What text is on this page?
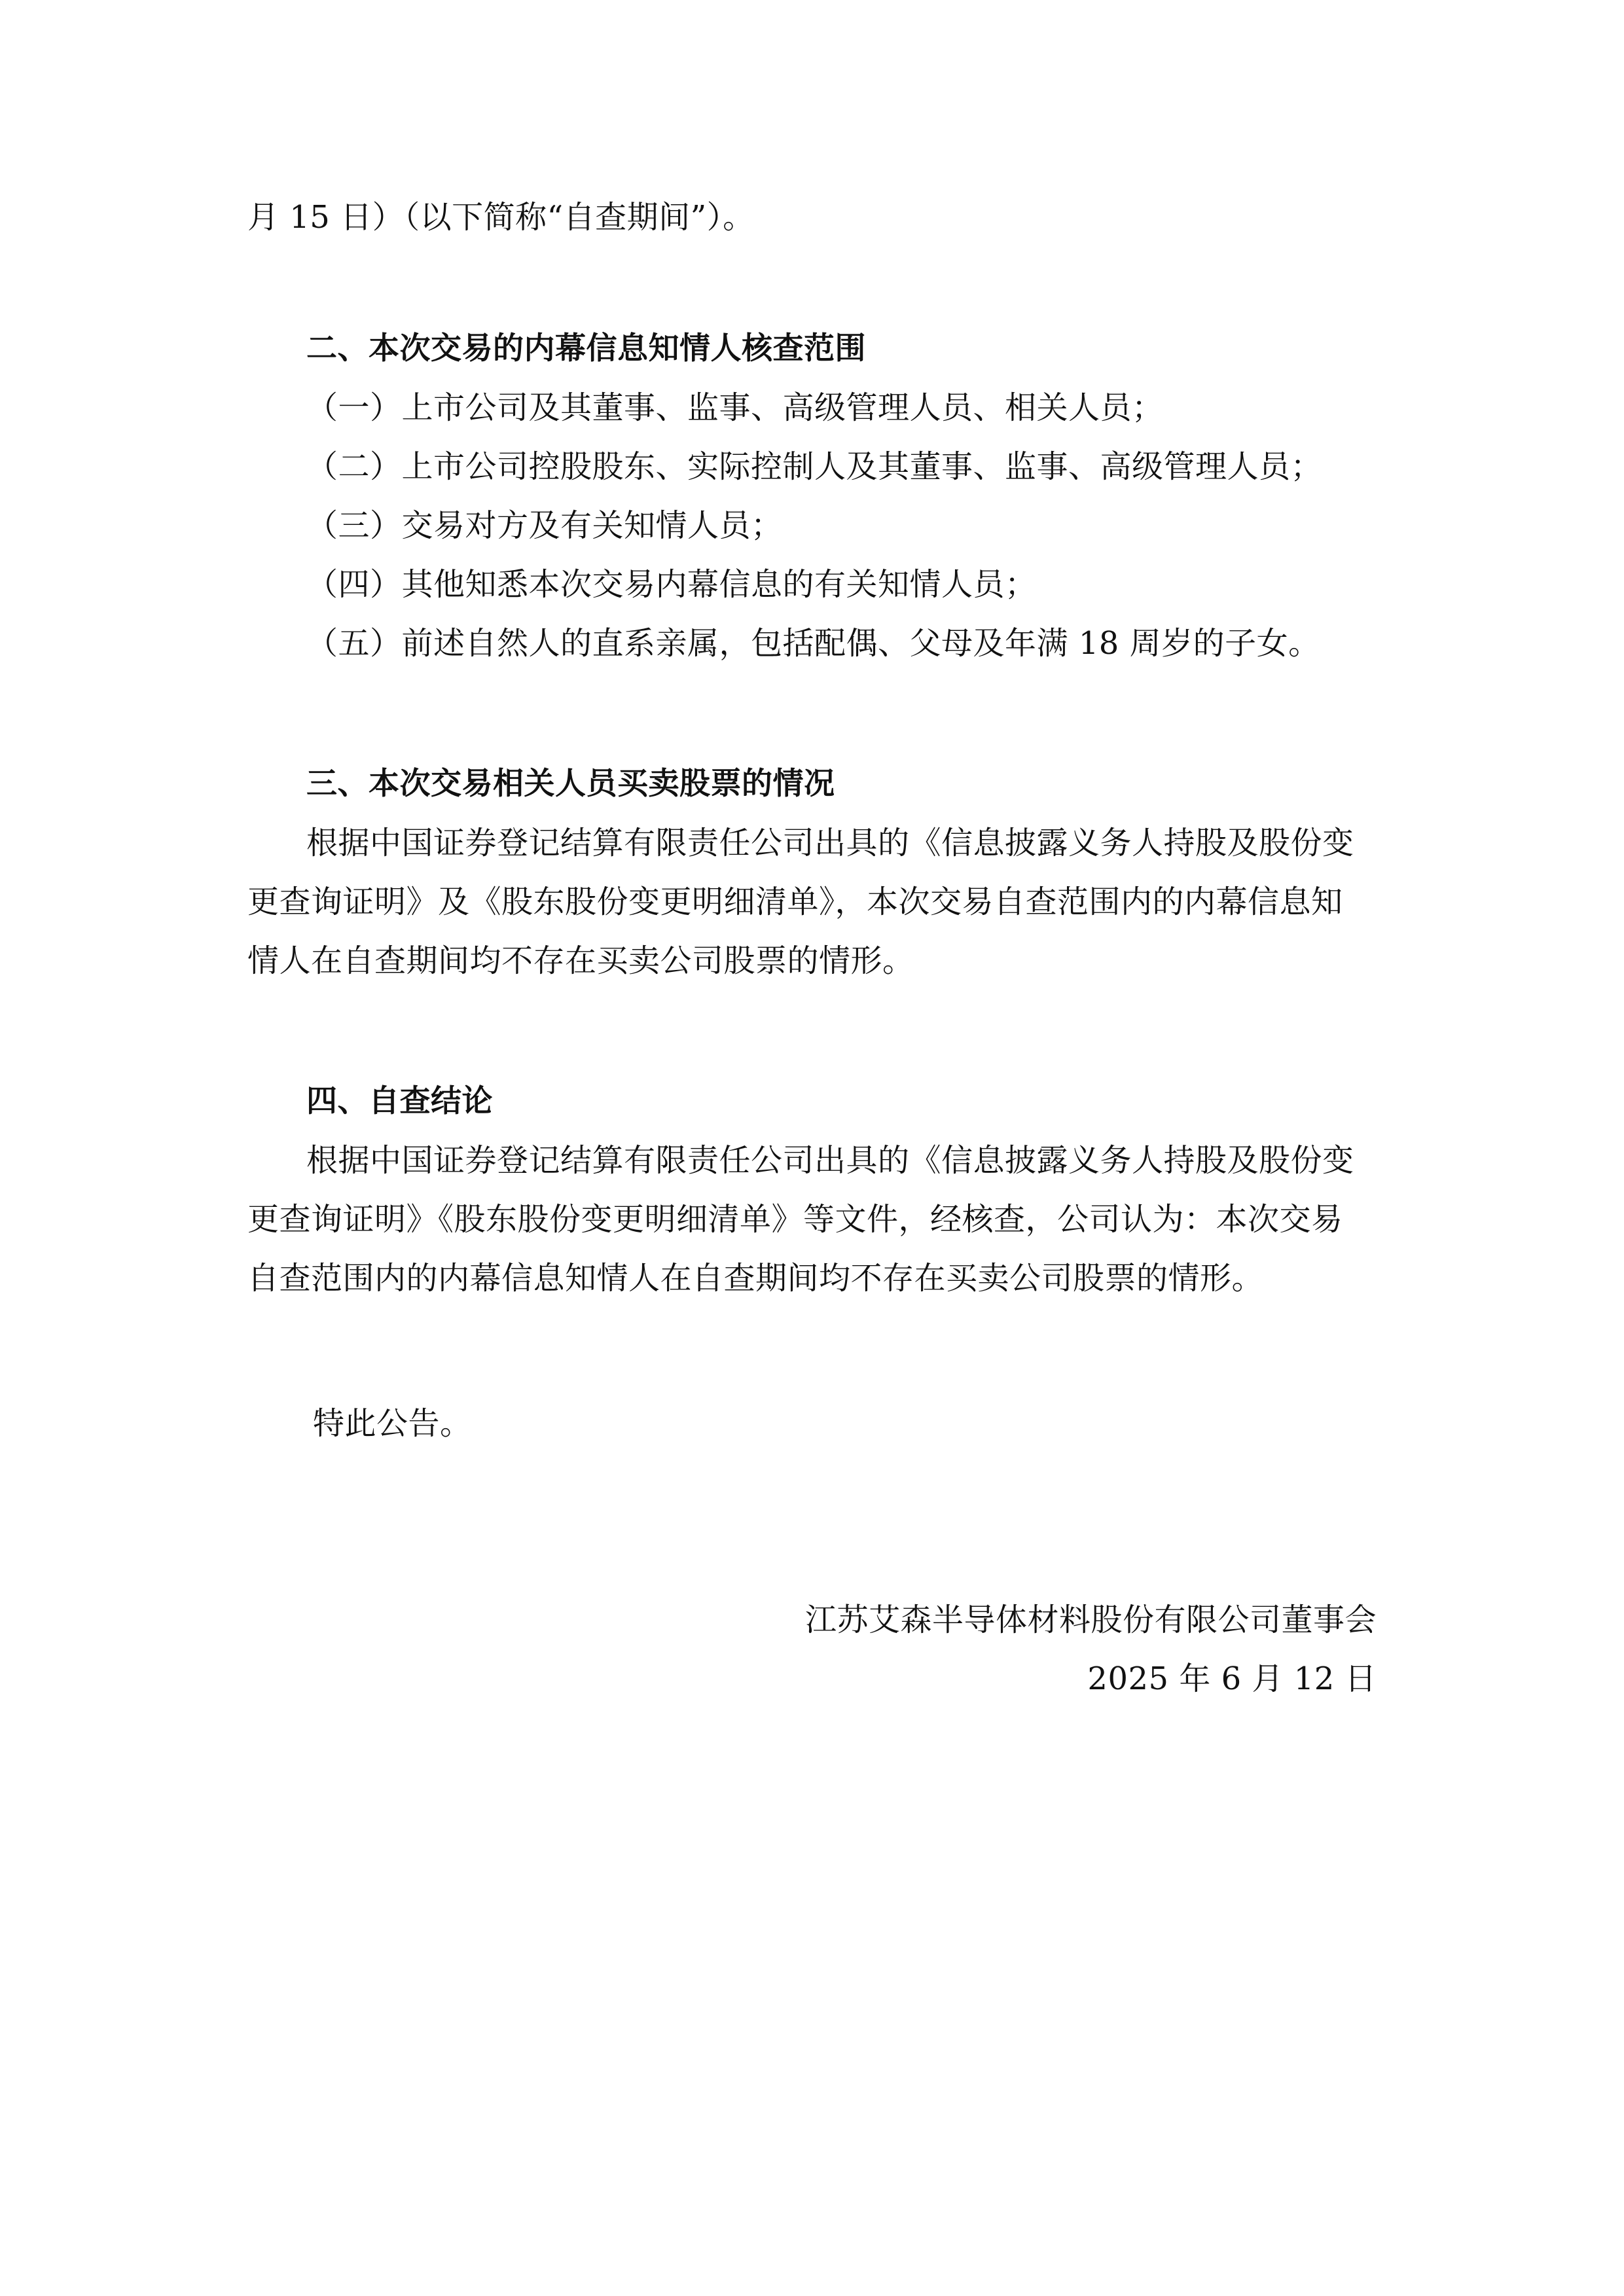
月 15 日）（以下简称“自查期间”）。
二、本次交易的内幕信息知情人核查范围
（一）上市公司及其董事、监事、高级管理人员、相关人员；
（二）上市公司控股股东、实际控制人及其董事、监事、高级管理人员；
（三）交易对方及有关知情人员；
（四）其他知悉本次交易内幕信息的有关知情人员；
（五）前述自然人的直系亲属，包括配偶、父母及年满 18 周岁的子女。
三、本次交易相关人员买卖股票的情况
根据中国证券登记结算有限责任公司出具的《信息披露义务人持股及股份变
更查询证明》及《股东股份变更明细清单》，本次交易自查范围内的内幕信息知
情人在自查期间均不存在买卖公司股票的情形。
四、自查结论
根据中国证券登记结算有限责任公司出具的《信息披露义务人持股及股份变
更查询证明》《股东股份变更明细清单》等文件，经核查，公司认为：本次交易
自查范围内的内幕信息知情人在自查期间均不存在买卖公司股票的情形。
特此公告。
江苏艾森半导体材料股份有限公司董事会
2025 年 6 月 12 日
